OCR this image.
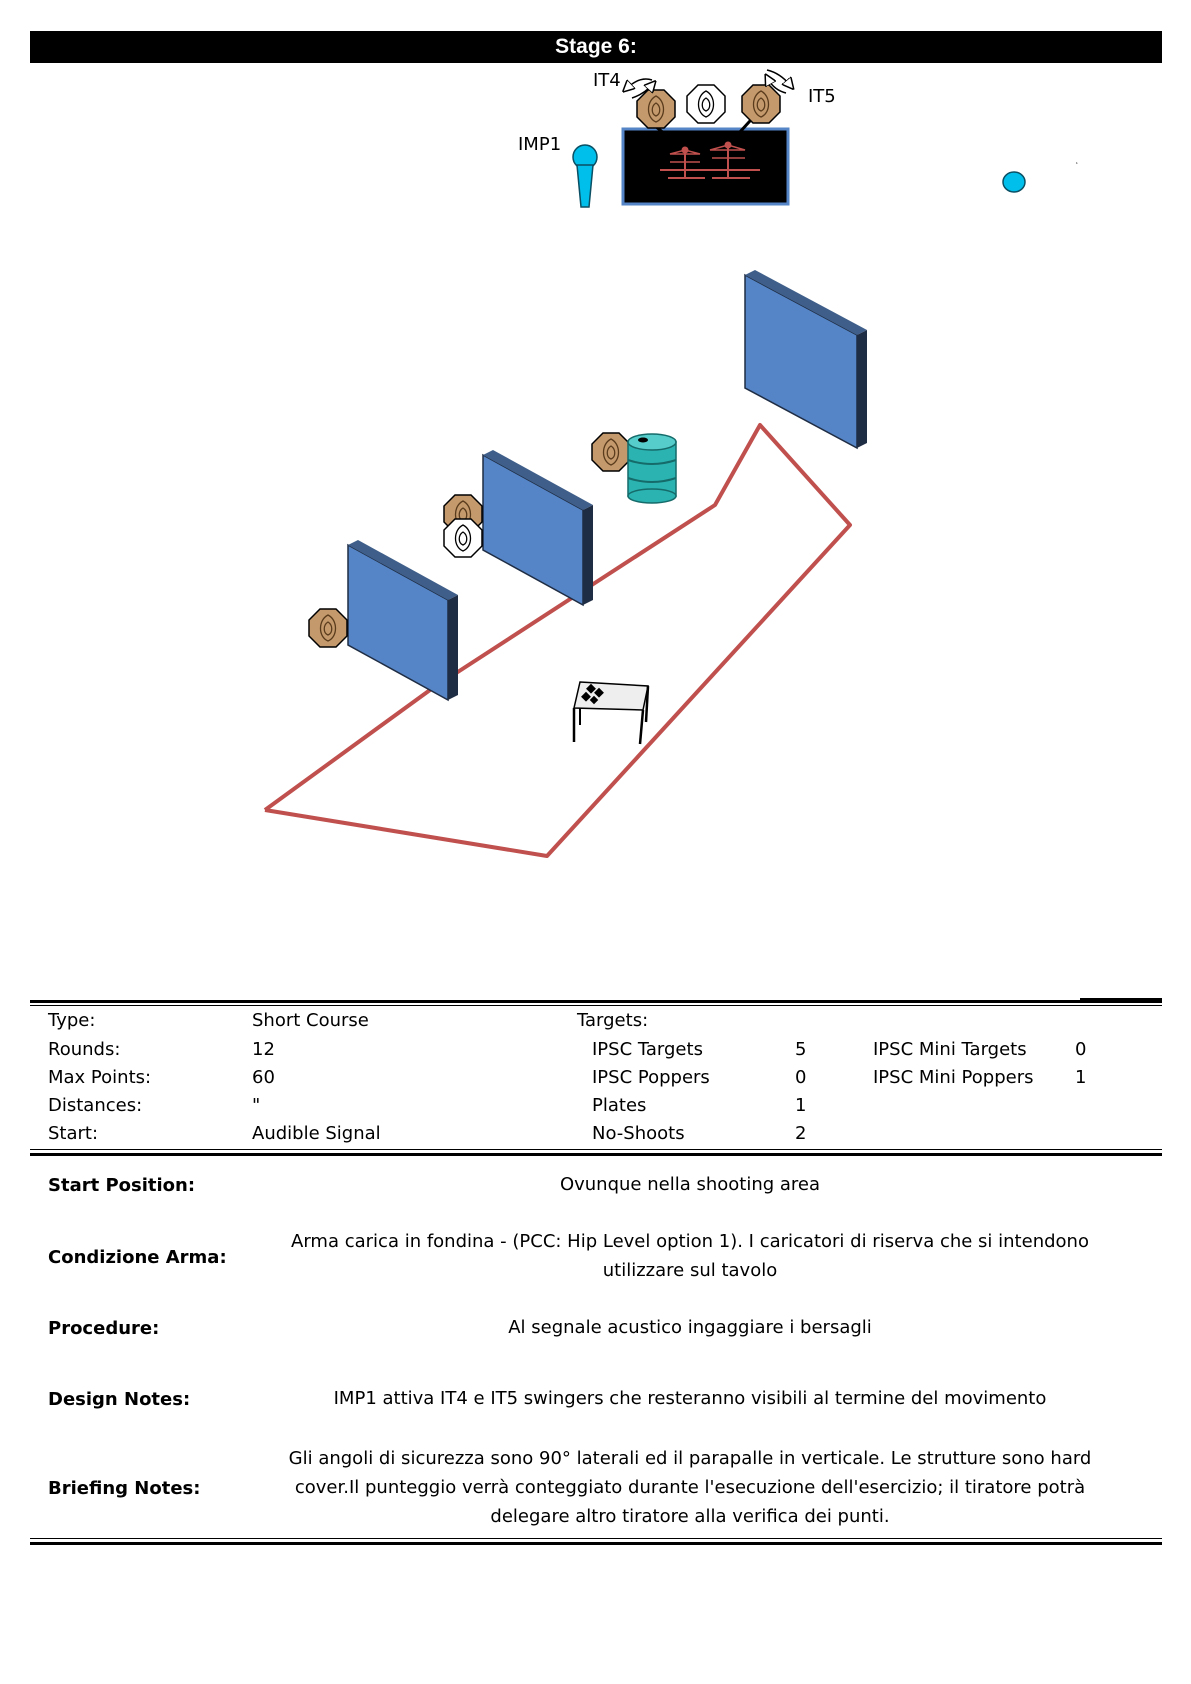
Stage 6:
IMP1
IT4
IT5
‘
Type:	Short Course	Targets:
Rounds:	12	IPSC Targets	5	IPSC Mini Targets	0
Max Points:	60	IPSC Poppers	0	IPSC Mini Poppers 1
Distances:	"	Plates	1
Start:	Audible Signal	No-Shoots	2
Start Position:	Ovunque nella shooting area
Condizione Arma:
Arma carica in fondina - (PCC: Hip Level option 1). I caricatori di riserva che si intendono
utilizzare sul tavolo
Procedure:	Al segnale acustico ingaggiare i bersagli
Design Notes:	IMP1 attiva IT4 e IT5 swingers che resteranno visibili al termine del movimento
Briefing Notes:
Gli angoli di sicurezza sono 90° laterali ed il parapalle in verticale. Le strutture sono hard
cover.Il punteggio verrà conteggiato durante l'esecuzione dell'esercizio; il tiratore potrà
delegare altro tiratore alla verifica dei punti.
